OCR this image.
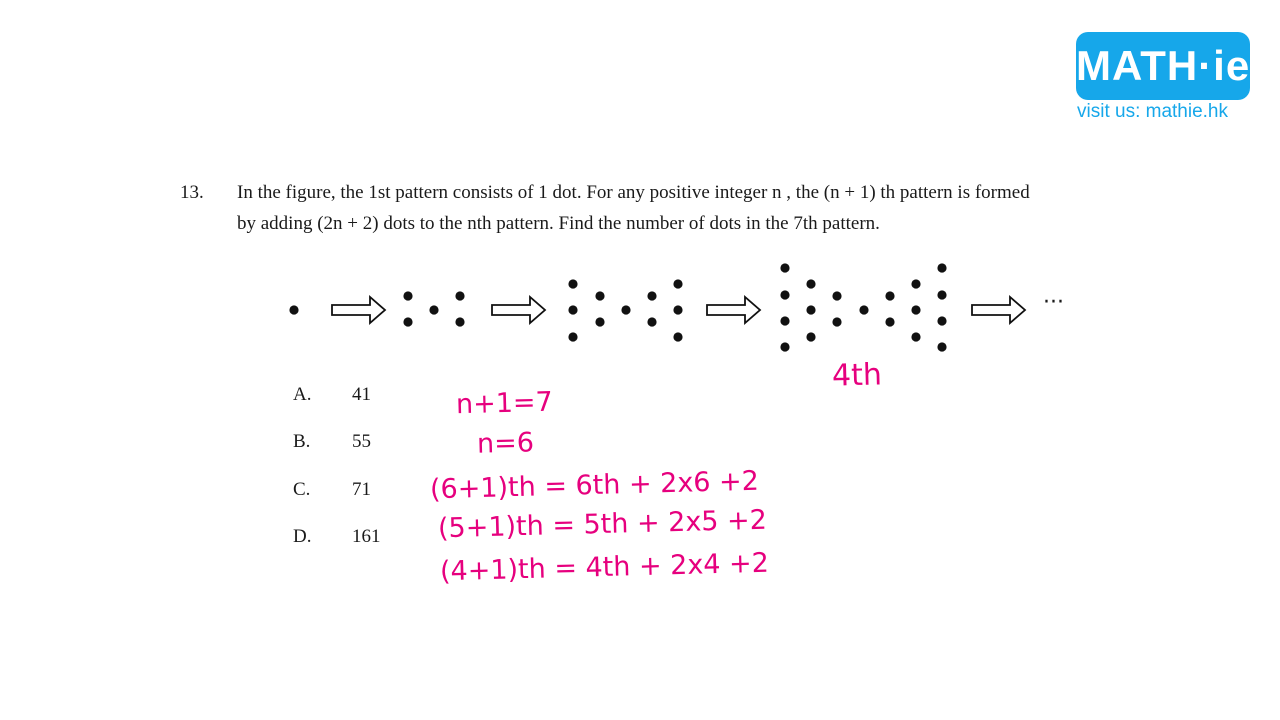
MATH·ie
visit us: mathie.hk
13. In the figure, the 1st pattern consists of 1 dot. For any positive integer n , the (n + 1) th pattern is formed
by adding (2n + 2) dots to the nth pattern. Find the number of dots in the 7th pattern.
···
A. 41
B. 55
C. 71
D. 161
4th
n+1=7
n=6
(6+1)th = 6th + 2x6 +2
(5+1)th = 5th + 2x5 +2
(4+1)th = 4th + 2x4 +2
